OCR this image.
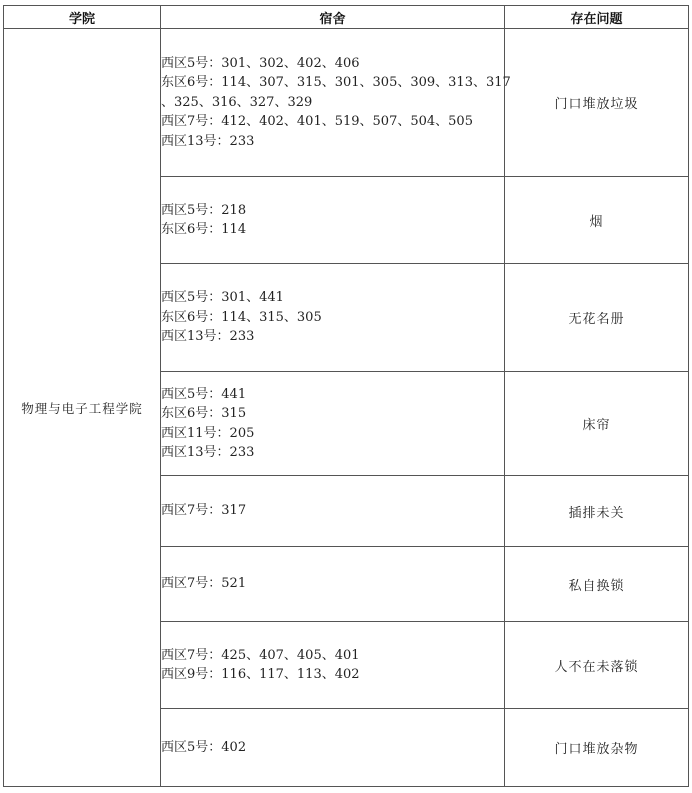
学院	宿舍	存在问题
物理与电子工程学院	西区5号：301、302、402、406
东区6号：114、307、315、301、305、309、313、317
、325、316、327、329
西区7号：412、402、401、519、507、504、505
西区13号：233	门口堆放垃圾

	西区5号：218
东区6号：114	烟

	西区5号：301、441
东区6号：114、315、305
西区13号：233	无花名册

	西区5号：441
东区6号：315
西区11号：205
西区13号：233	床帘

	西区7号：317	插排未关

	西区7号：521	私自换锁

	西区7号：425、407、405、401
西区9号：116、117、113、402	人不在未落锁

	西区5号：402	门口堆放杂物
